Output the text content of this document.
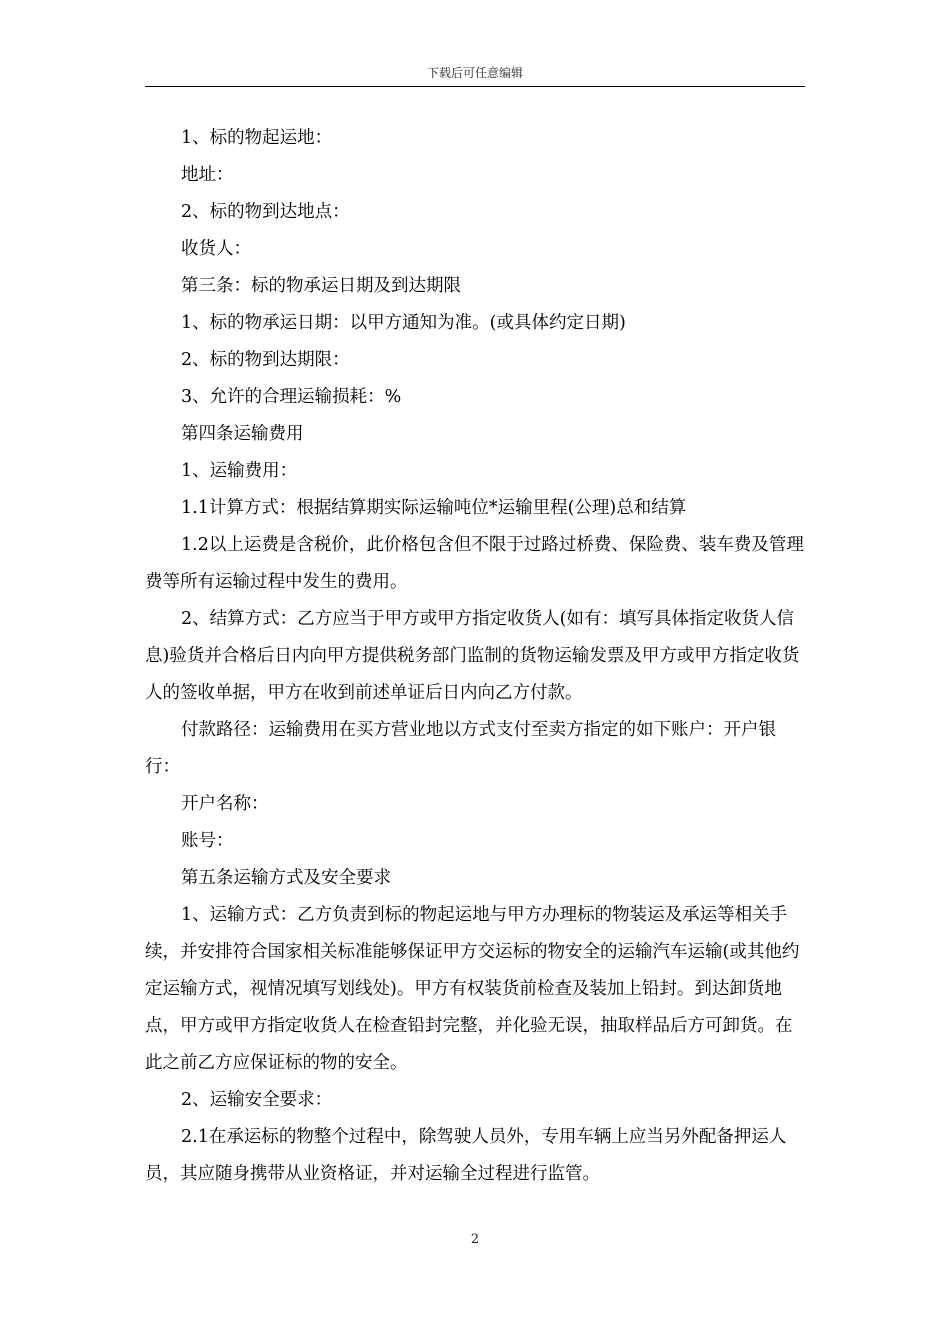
下载后可任意编辑

1、标的物起运地：

地址：

2、标的物到达地点：

收货人：

第三条：标的物承运日期及到达期限

1、标的物承运日期：以甲方通知为准。(或具体约定日期)

2、标的物到达期限：

3、允许的合理运输损耗：%

第四条运输费用

1、运输费用：

1.1计算方式：根据结算期实际运输吨位*运输里程(公理)总和结算

1.2以上运费是含税价，此价格包含但不限于过路过桥费、保险费、装车费及管理费等所有运输过程中发生的费用。

2、结算方式：乙方应当于甲方或甲方指定收货人(如有：填写具体指定收货人信息)验货并合格后日内向甲方提供税务部门监制的货物运输发票及甲方或甲方指定收货人的签收单据，甲方在收到前述单证后日内向乙方付款。

付款路径：运输费用在买方营业地以方式支付至卖方指定的如下账户：开户银行：

开户名称：

账号：

第五条运输方式及安全要求

1、运输方式：乙方负责到标的物起运地与甲方办理标的物装运及承运等相关手续，并安排符合国家相关标准能够保证甲方交运标的物安全的运输汽车运输(或其他约定运输方式，视情况填写划线处)。甲方有权装货前检查及装加上铅封。到达卸货地点，甲方或甲方指定收货人在检查铅封完整，并化验无误，抽取样品后方可卸货。在此之前乙方应保证标的物的安全。

2、运输安全要求：

2.1在承运标的物整个过程中，除驾驶人员外，专用车辆上应当另外配备押运人员，其应随身携带从业资格证，并对运输全过程进行监管。

2
